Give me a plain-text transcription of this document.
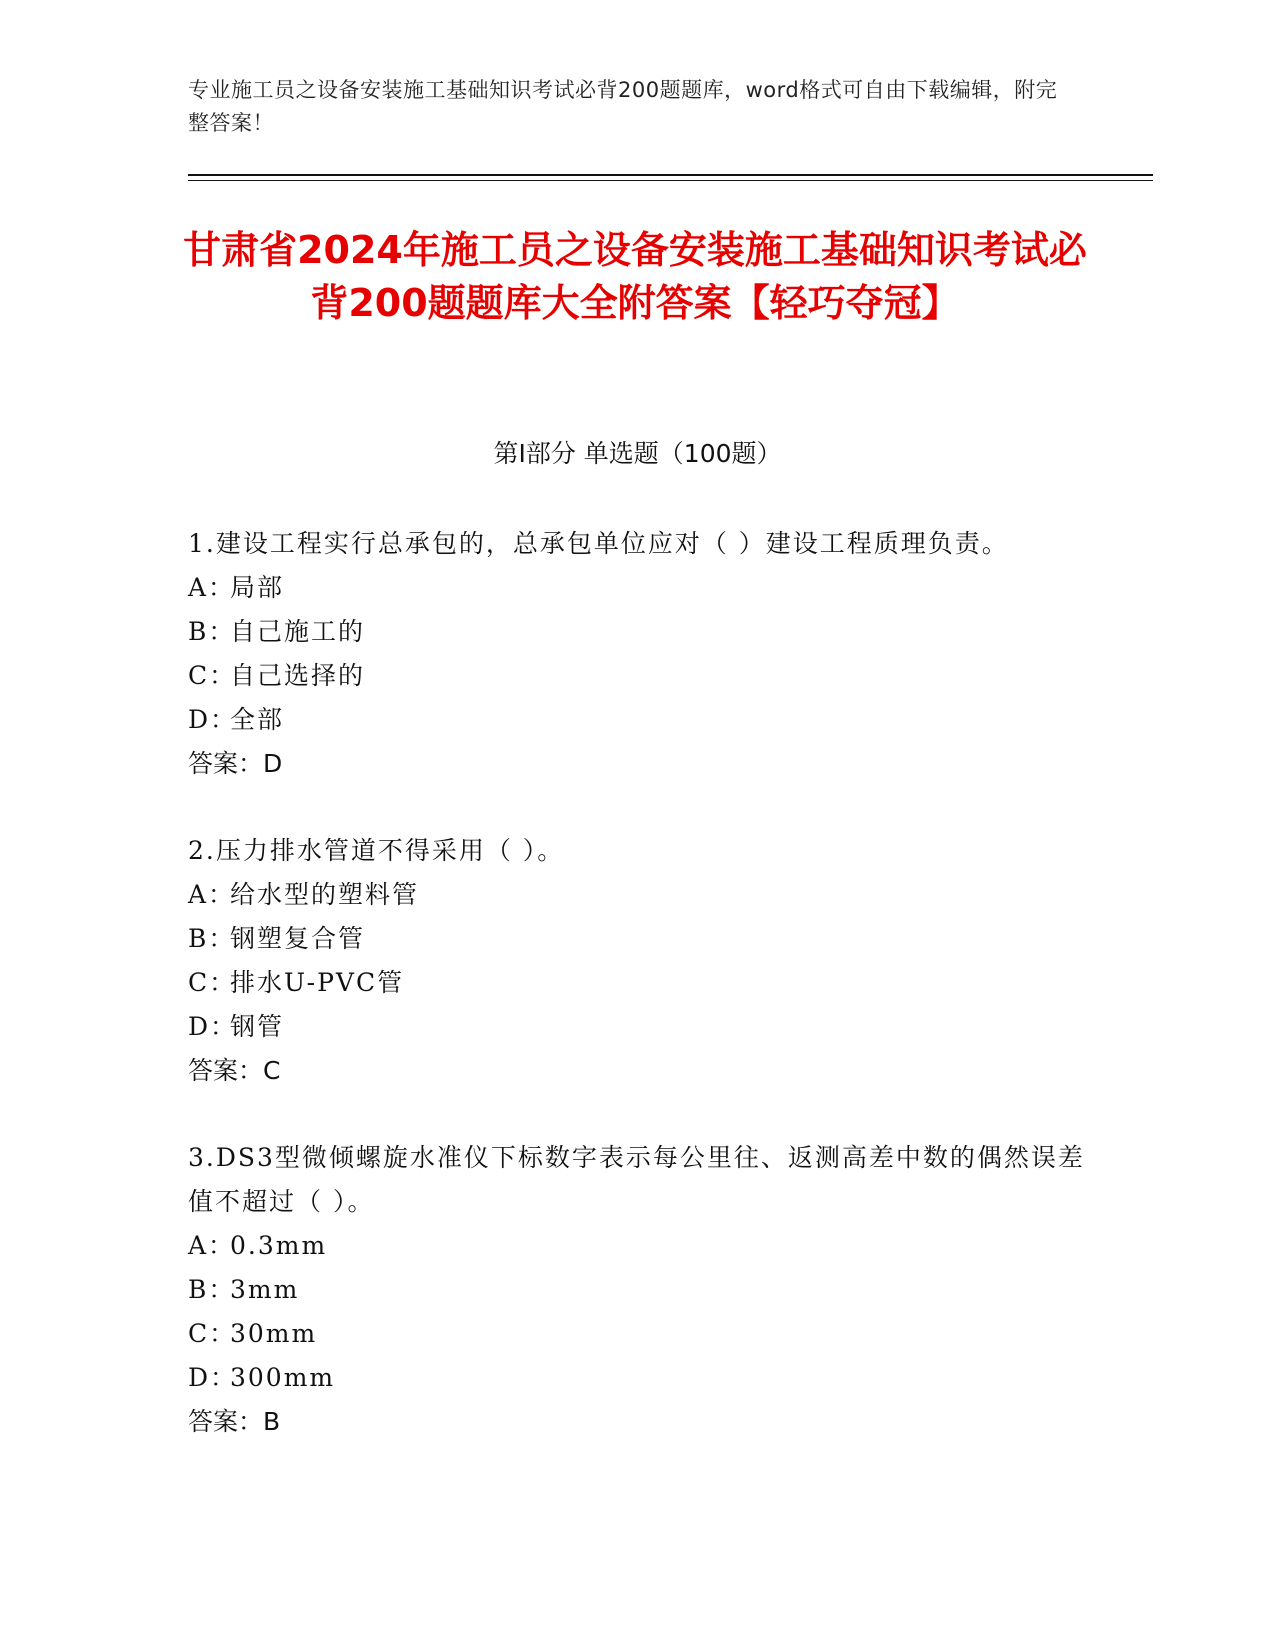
专业施工员之设备安装施工基础知识考试必背200题题库，word格式可自由下载编辑，附完整答案！
甘肃省2024年施工员之设备安装施工基础知识考试必背200题题库大全附答案【轻巧夺冠】
第Ⅰ部分 单选题（100题）
1.建设工程实行总承包的，总承包单位应对（ ）建设工程质理负责。
A：
局部
B：
自己施工的
C：
自己选择的
D：
全部
答案：D
2.压力排水管道不得采用（ ）。
A：
给水型的塑料管
B：
钢塑复合管
C：
排水U-PVC管
D：
钢管
答案：C
3.DS3型微倾螺旋水准仪下标数字表示每公里往、返测高差中数的偶然误差值不超过（ ）。
A：
0.3mm
B：
3mm
C：
30mm
D：
300mm
答案：B
